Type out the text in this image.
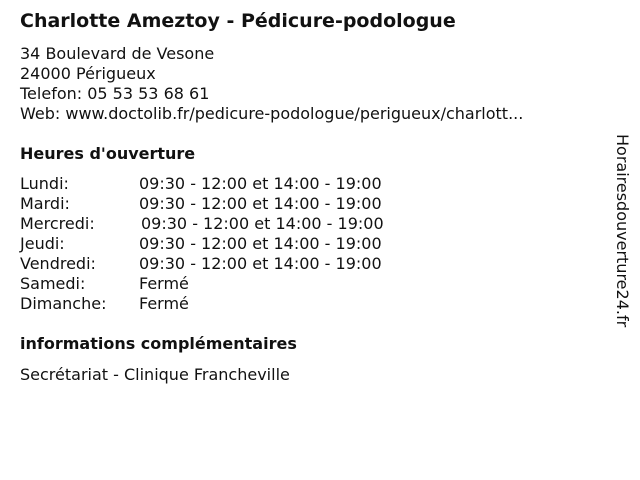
Charlotte Ameztoy - Pédicure-podologue
34 Boulevard de Vesone
24000 Périgueux
Telefon: 05 53 53 68 61
Web: www.doctolib.fr/pedicure-podologue/perigueux/charlott...
Heures d'ouverture
Lundi:	09:30 - 12:00 et 14:00 - 19:00
Mardi:	09:30 - 12:00 et 14:00 - 19:00
Mercredi:	09:30 - 12:00 et 14:00 - 19:00
Jeudi:	09:30 - 12:00 et 14:00 - 19:00
Vendredi:	09:30 - 12:00 et 14:00 - 19:00
Samedi:	Fermé
Dimanche: Fermé
informations complémentaires
Secrétariat - Clinique Francheville
Horairesdouverture24.fr
